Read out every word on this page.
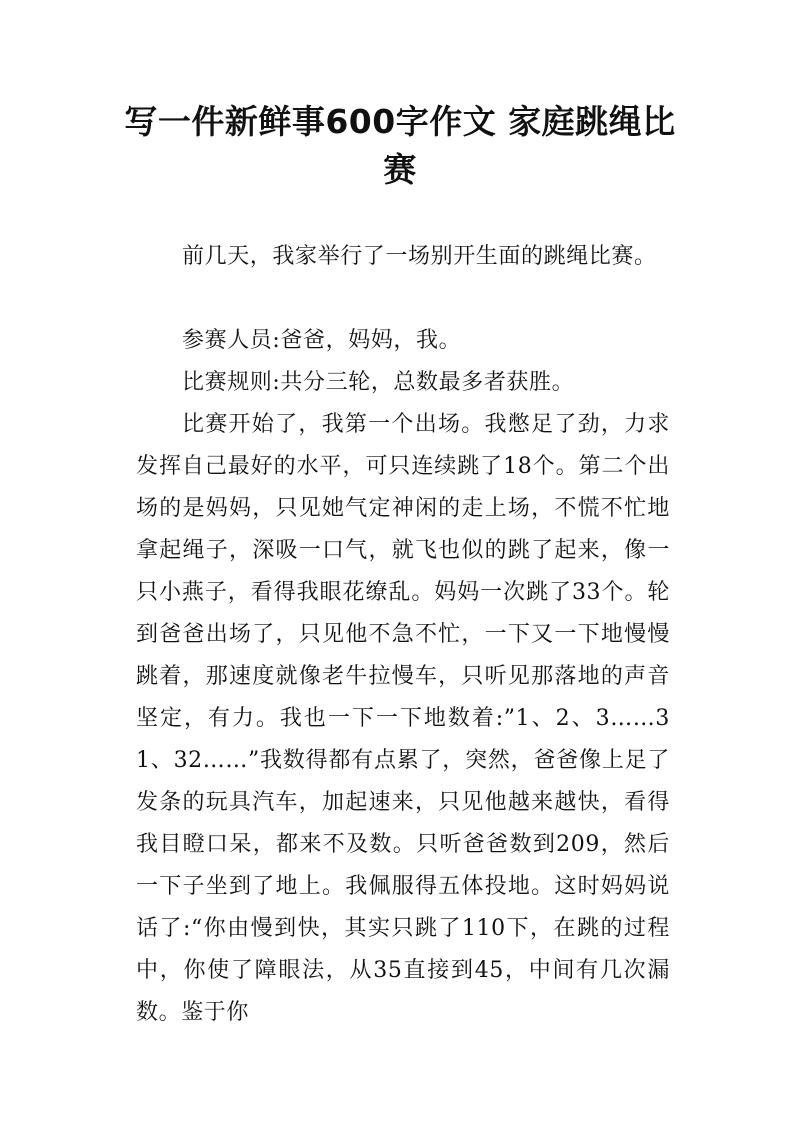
写一件新鲜事600字作文 家庭跳绳比赛

前几天，我家举行了一场别开生面的跳绳比赛。

参赛人员:爸爸，妈妈，我。

比赛规则:共分三轮，总数最多者获胜。

比赛开始了，我第一个出场。我憋足了劲，力求发挥自己最好的水平，可只连续跳了18个。第二个出场的是妈妈，只见她气定神闲的走上场，不慌不忙地拿起绳子，深吸一口气，就飞也似的跳了起来，像一只小燕子，看得我眼花缭乱。妈妈一次跳了33个。轮到爸爸出场了，只见他不急不忙，一下又一下地慢慢跳着，那速度就像老牛拉慢车，只听见那落地的声音坚定，有力。我也一下一下地数着:”1、2、3……31、32……”我数得都有点累了，突然，爸爸像上足了发条的玩具汽车，加起速来，只见他越来越快，看得我目瞪口呆，都来不及数。只听爸爸数到209，然后一下子坐到了地上。我佩服得五体投地。这时妈妈说话了:“你由慢到快，其实只跳了110下，在跳的过程中，你使了障眼法，从35直接到45，中间有几次漏数。鉴于你
